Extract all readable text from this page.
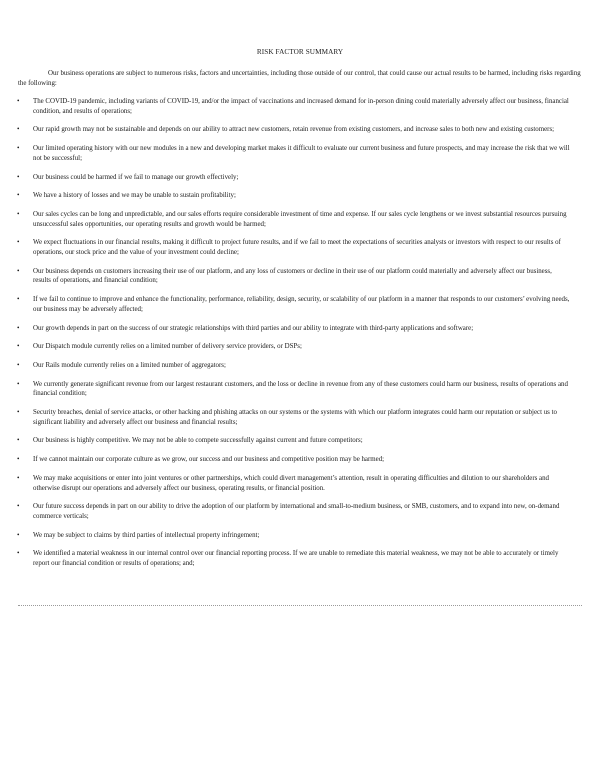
RISK FACTOR SUMMARY

Our business operations are subject to numerous risks, factors and uncertainties, including those outside of our control, that could cause our actual results to be harmed, including risks regarding the following:

• The COVID-19 pandemic, including variants of COVID-19, and/or the impact of vaccinations and increased demand for in-person dining could materially adversely affect our business, financial condition, and results of operations;
• Our rapid growth may not be sustainable and depends on our ability to attract new customers, retain revenue from existing customers, and increase sales to both new and existing customers;
• Our limited operating history with our new modules in a new and developing market makes it difficult to evaluate our current business and future prospects, and may increase the risk that we will not be successful;
• Our business could be harmed if we fail to manage our growth effectively;
• We have a history of losses and we may be unable to sustain profitability;
• Our sales cycles can be long and unpredictable, and our sales efforts require considerable investment of time and expense. If our sales cycle lengthens or we invest substantial resources pursuing unsuccessful sales opportunities, our operating results and growth would be harmed;
• We expect fluctuations in our financial results, making it difficult to project future results, and if we fail to meet the expectations of securities analysts or investors with respect to our results of operations, our stock price and the value of your investment could decline;
• Our business depends on customers increasing their use of our platform, and any loss of customers or decline in their use of our platform could materially and adversely affect our business, results of operations, and financial condition;
• If we fail to continue to improve and enhance the functionality, performance, reliability, design, security, or scalability of our platform in a manner that responds to our customers’ evolving needs, our business may be adversely affected;
• Our growth depends in part on the success of our strategic relationships with third parties and our ability to integrate with third-party applications and software;
• Our Dispatch module currently relies on a limited number of delivery service providers, or DSPs;
• Our Rails module currently relies on a limited number of aggregators;
• We currently generate significant revenue from our largest restaurant customers, and the loss or decline in revenue from any of these customers could harm our business, results of operations and financial condition;
• Security breaches, denial of service attacks, or other hacking and phishing attacks on our systems or the systems with which our platform integrates could harm our reputation or subject us to significant liability and adversely affect our business and financial results;
• Our business is highly competitive. We may not be able to compete successfully against current and future competitors;
• If we cannot maintain our corporate culture as we grow, our success and our business and competitive position may be harmed;
• We may make acquisitions or enter into joint ventures or other partnerships, which could divert management’s attention, result in operating difficulties and dilution to our shareholders and otherwise disrupt our operations and adversely affect our business, operating results, or financial position.
• Our future success depends in part on our ability to drive the adoption of our platform by international and small-to-medium business, or SMB, customers, and to expand into new, on-demand commerce verticals;
• We may be subject to claims by third parties of intellectual property infringement;
• We identified a material weakness in our internal control over our financial reporting process. If we are unable to remediate this material weakness, we may not be able to accurately or timely report our financial condition or results of operations; and;
